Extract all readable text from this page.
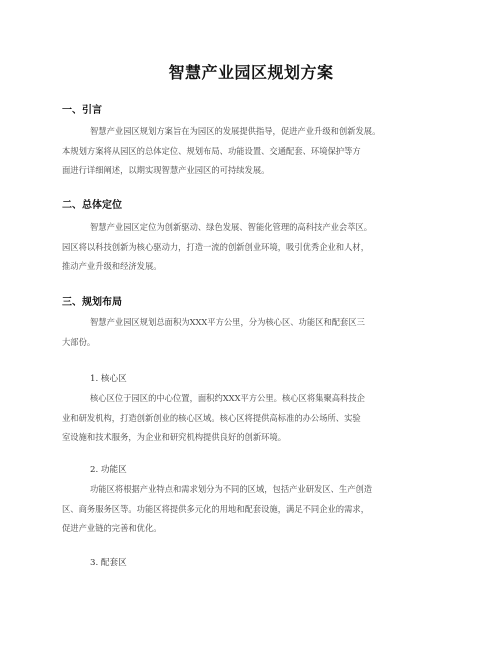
智慧产业园区规划方案
一、引言
智慧产业园区规划方案旨在为园区的发展提供指导，促进产业升级和创新发展。
本规划方案将从园区的总体定位、规划布局、功能设置、交通配套、环境保护等方
面进行详细阐述，以期实现智慧产业园区的可持续发展。
二、总体定位
智慧产业园区定位为创新驱动、绿色发展、智能化管理的高科技产业会萃区。
园区将以科技创新为核心驱动力，打造一流的创新创业环境，吸引优秀企业和人材，
推动产业升级和经济发展。
三、规划布局
智慧产业园区规划总面积为XXX平方公里，分为核心区、功能区和配套区三
大部份。
1. 核心区
核心区位于园区的中心位置，面积约XXX平方公里。核心区将集聚高科技企
业和研发机构，打造创新创业的核心区域。核心区将提供高标准的办公场所、实验
室设施和技术服务，为企业和研究机构提供良好的创新环境。
2. 功能区
功能区将根据产业特点和需求划分为不同的区域，包括产业研发区、生产创造
区、商务服务区等。功能区将提供多元化的用地和配套设施，满足不同企业的需求，
促进产业链的完善和优化。
3. 配套区
